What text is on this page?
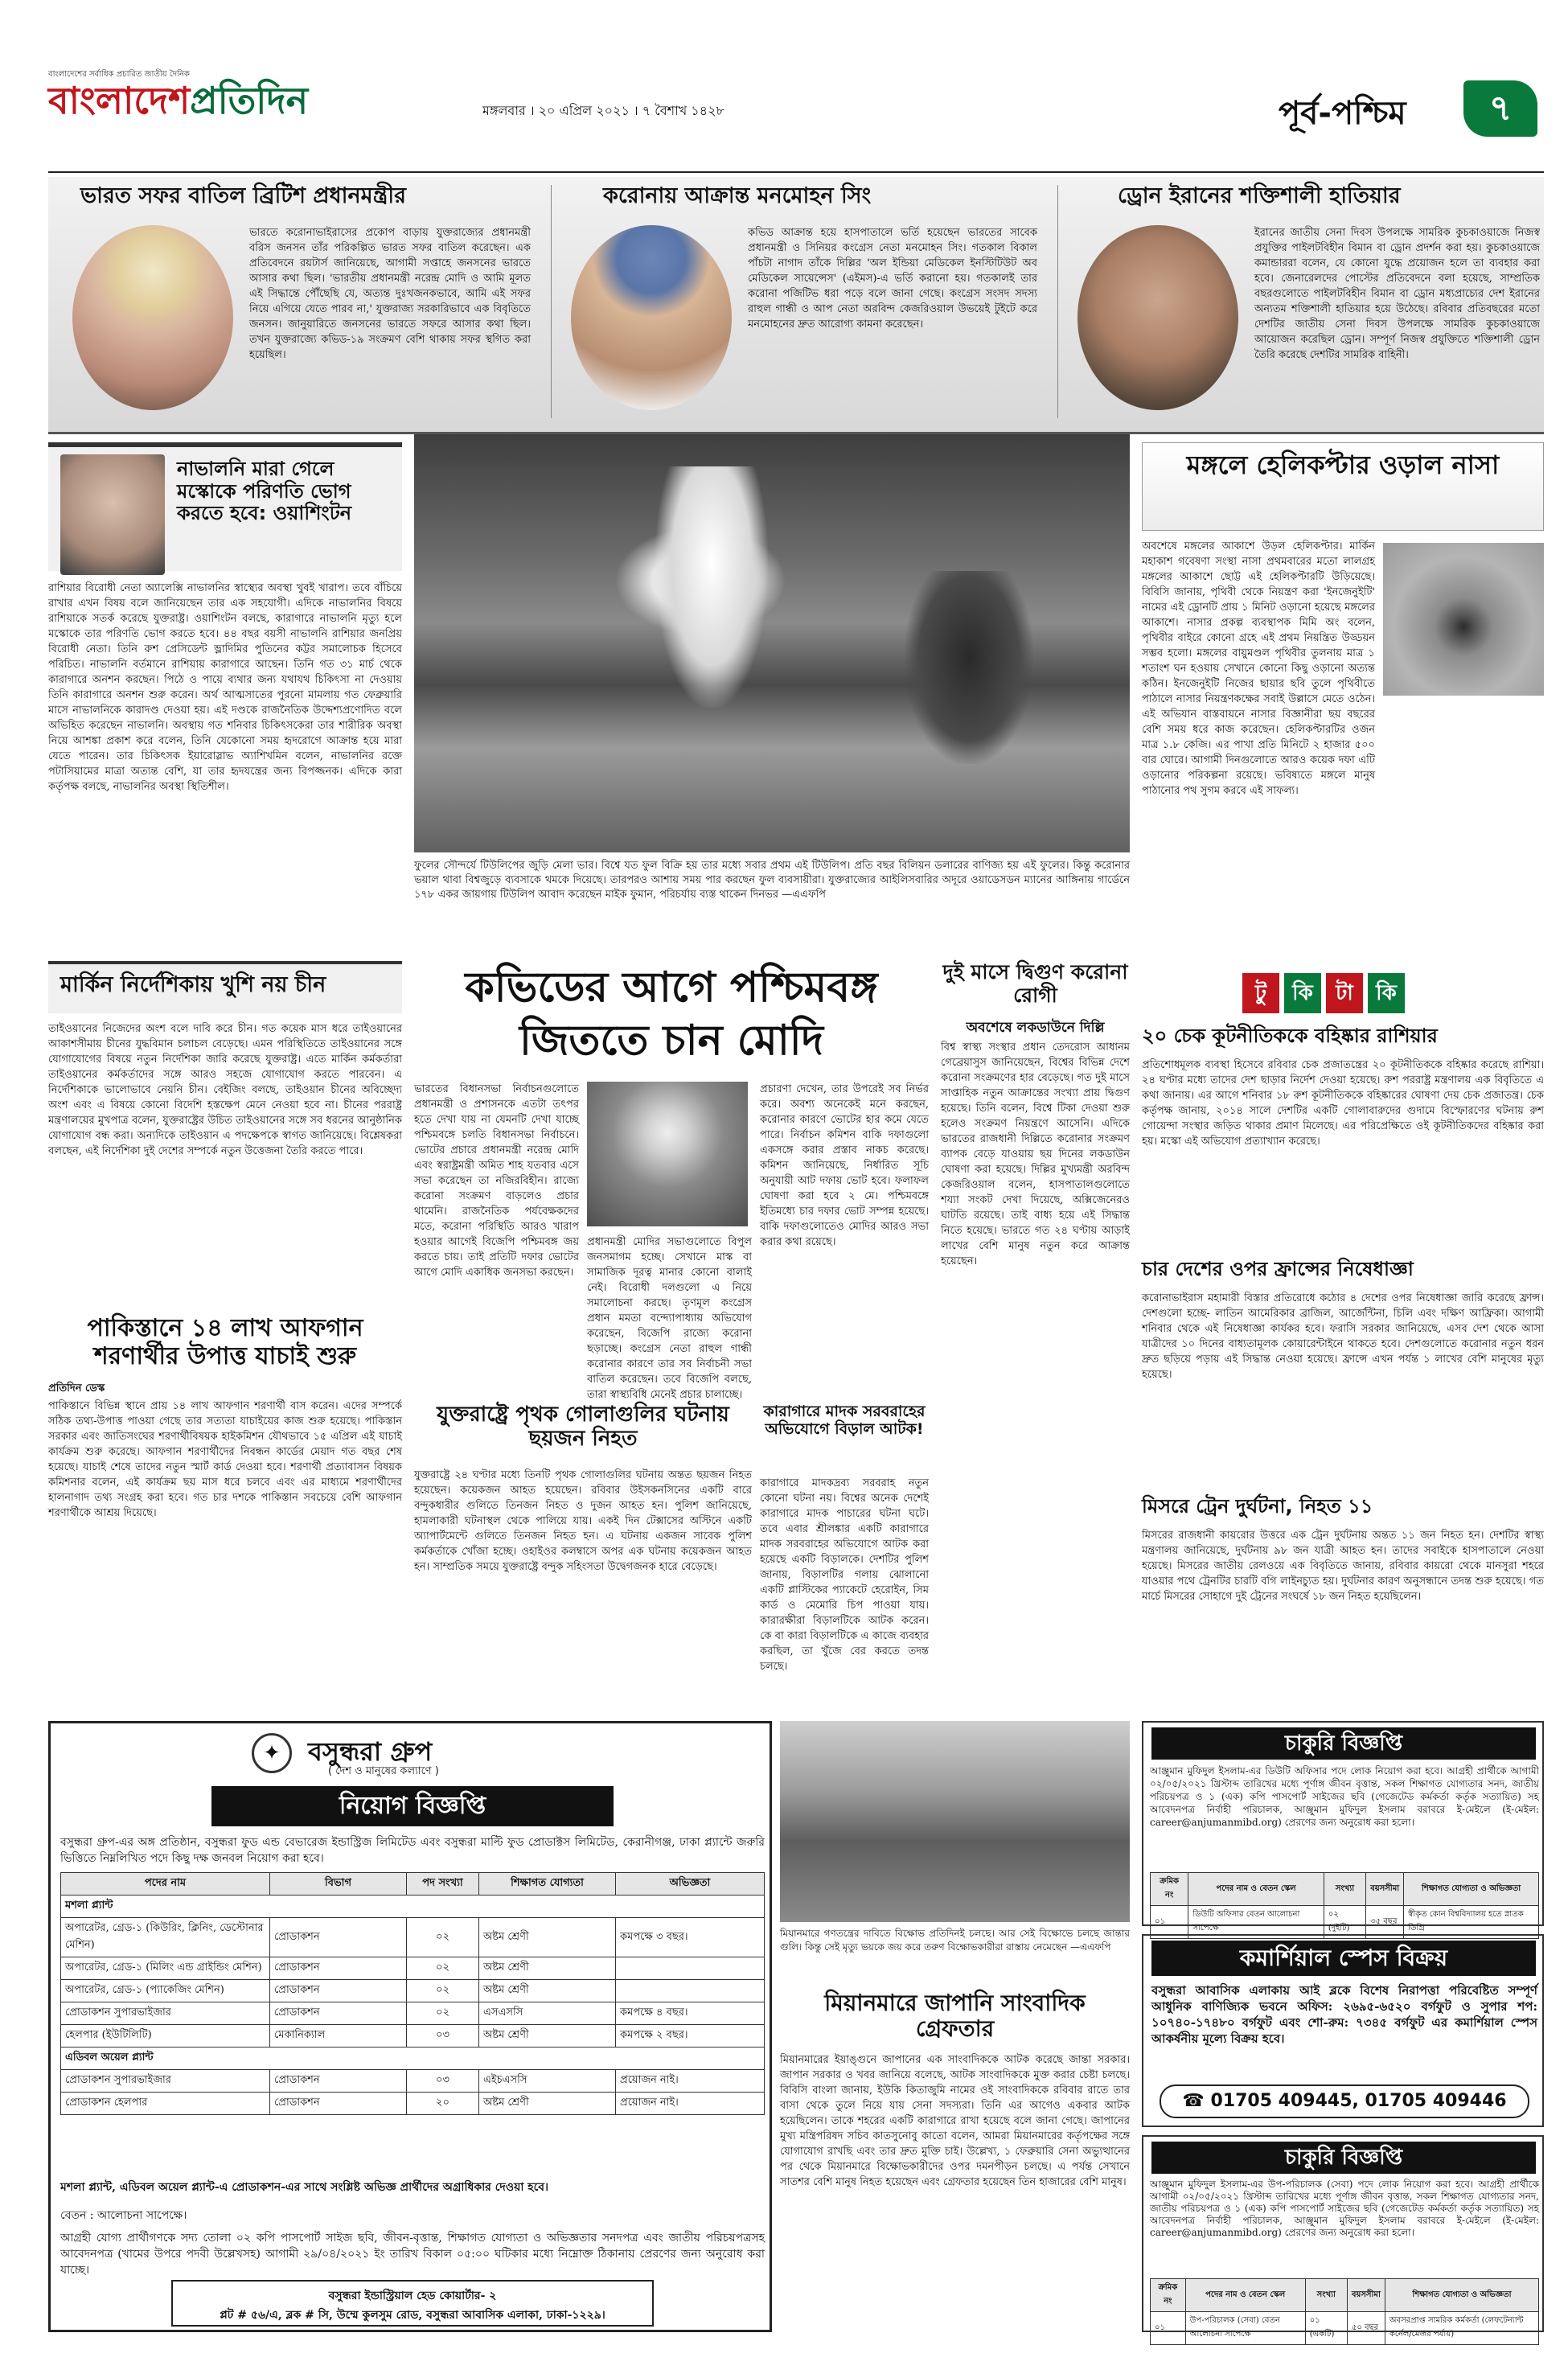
বাংলাদেশের সর্বাধিক প্রচারিত জাতীয় দৈনিক
বাংলাদেশপ্রতিদিন	মঙ্গলবার । ২০ এপ্রিল ২০২১ । ৭ বৈশাখ ১৪২৮	পূর্ব-পশ্চিম	৭
ভারত সফর বাতিল ব্রিটিশ প্রধানমন্ত্রীর
ভারতে করোনাভাইরাসের প্রকোপ বাড়ায় যুক্তরাজ্যের প্রধানমন্ত্রী বরিস জনসন তাঁর পরিকল্পিত ভারত সফর বাতিল করেছেন। এক প্রতিবেদনে রয়টার্স জানিয়েছে, আগামী সপ্তাহে জনসনের ভারতে আসার কথা ছিল। 'ভারতীয় প্রধানমন্ত্রী নরেন্দ্র মোদি ও আমি মূলত এই সিদ্ধান্তে পৌঁছেছি যে, অত্যন্ত দুঃখজনকভাবে, আমি এই সফর নিয়ে এগিয়ে যেতে পারব না,' যুক্তরাজ্য সরকারিভাবে এক বিবৃতিতে জনসন। জানুয়ারিতে জনসনের ভারতে সফরে আসার কথা ছিল। তখন যুক্তরাজ্যে কভিড-১৯ সংক্রমণ বেশি থাকায় সফর স্থগিত করা হয়েছিল।
করোনায় আক্রান্ত মনমোহন সিং
কভিড আক্রান্ত হয়ে হাসপাতালে ভর্তি হয়েছেন ভারতের সাবেক প্রধানমন্ত্রী ও সিনিয়র কংগ্রেস নেতা মনমোহন সিং। গতকাল বিকাল পাঁচটা নাগাদ তাঁকে দিল্লির 'অল ইন্ডিয়া মেডিকেল ইনস্টিটিউট অব মেডিকেল সায়েন্সেস' (এইমস)-এ ভর্তি করানো হয়। গতকালই তার করোনা পজিটিভ ধরা পড়ে বলে জানা গেছে। কংগ্রেস সংসদ সদস্য রাহুল গান্ধী ও আপ নেতা অরবিন্দ কেজরিওয়াল উভয়েই টুইটে করে মনমোহনের দ্রুত আরোগ্য কামনা করেছেন।
ড্রোন ইরানের শক্তিশালী হাতিয়ার
ইরানের জাতীয় সেনা দিবস উপলক্ষে সামরিক কুচকাওয়াজে নিজস্ব প্রযুক্তির পাইলটবিহীন বিমান বা ড্রোন প্রদর্শন করা হয়। কুচকাওয়াজে কমান্ডাররা বলেন, যে কোনো যুদ্ধে প্রয়োজন হলে তা ব্যবহার করা হবে। জেনারেলদের পোস্টের প্রতিবেদনে বলা হয়েছে, সাম্প্রতিক বছরগুলোতে পাইলটবিহীন বিমান বা ড্রোন মধ্যপ্রাচ্যের দেশ ইরানের অন্যতম শক্তিশালী হাতিয়ার হয়ে উঠেছে। রবিবার প্রতিবছরের মতো দেশটির জাতীয় সেনা দিবস উপলক্ষে সামরিক কুচকাওয়াজে আয়োজন করেছিল ড্রোন। সম্পূর্ণ নিজস্ব প্রযুক্তিতে শক্তিশালী ড্রোন তৈরি করেছে দেশটির সামরিক বাহিনী।
নাভালনি মারা গেলে মস্কোকে পরিণতি ভোগ করতে হবে: ওয়াশিংটন
রাশিয়ার বিরোধী নেতা অ্যালেক্সি নাভালনির স্বাস্থ্যের অবস্থা খুবই খারাপ। তবে বাঁচিয়ে রাখার এখন বিষয় বলে জানিয়েছেন তার এক সহযোগী। এদিকে নাভালনির বিষয়ে রাশিয়াকে সতর্ক করেছে যুক্তরাষ্ট্র। ওয়াশিংটন বলছে, কারাগারে নাভালনি মৃত্যু হলে মস্কোকে তার পরিণতি ভোগ করতে হবে। ৪৪ বছর বয়সী নাভালনি রাশিয়ার জনপ্রিয় বিরোধী নেতা। তিনি রুশ প্রেসিডেন্ট ভ্লাদিমির পুতিনের কট্টর সমালোচক হিসেবে পরিচিত। নাভালনি বর্তমানে রাশিয়ায় কারাগারে আছেন। তিনি গত ৩১ মার্চ থেকে কারাগারে অনশন করছেন। পিঠে ও পায়ে ব্যথার জন্য যথাযথ চিকিৎসা না দেওয়ায় তিনি কারাগারে অনশন শুরু করেন। অর্থ আত্মসাতের পুরনো মামলায় গত ফেব্রুয়ারি মাসে নাভালনিকে কারাদণ্ড দেওয়া হয়। এই দণ্ডকে রাজনৈতিক উদ্দেশ্যপ্রণোদিত বলে অভিহিত করেছেন নাভালনি। অবস্থায় গত শনিবার চিকিৎসকেরা তার শারীরিক অবস্থা নিয়ে আশঙ্কা প্রকাশ করে বলেন, তিনি যেকোনো সময় হৃদরোগে আক্রান্ত হয়ে মারা যেতে পারেন। তার চিকিৎসক ইয়ারোস্লাভ অ্যাশিখমিন বলেন, নাভালনির রক্তে পটাসিয়ামের মাত্রা অত্যন্ত বেশি, যা তার হৃদযন্ত্রের জন্য বিপজ্জনক। এদিকে কারা কর্তৃপক্ষ বলছে, নাভালনির অবস্থা স্থিতিশীল।
ফুলের সৌন্দর্যে টিউলিপের জুড়ি মেলা ভার। বিশ্বে যত ফুল বিক্রি হয় তার মধ্যে সবার প্রথম এই টিউলিপ। প্রতি বছর বিলিয়ন ডলারের বাণিজ্য হয় এই ফুলের। কিন্তু করোনার ভয়াল থাবা বিশ্বজুড়ে ব্যবসাকে থমকে দিয়েছে। তারপরও আশায় সময় পার করছেন ফুল ব্যবসায়ীরা। যুক্তরাজ্যের আইলিসবারির অদূরে ওয়াডেসডন ম্যানের আঙ্গিনায় গার্ডেনে ১৭৮ একর জায়গায় টিউলিপ আবাদ করেছেন মাইক ফুমান, পরিচর্যায় ব্যস্ত থাকেন দিনভর —এএফপি
মঙ্গলে হেলিকপ্টার ওড়াল নাসা
অবশেষে মঙ্গলের আকাশে উড়ল হেলিকপ্টার। মার্কিন মহাকাশ গবেষণা সংস্থা নাসা প্রথমবারের মতো লালগ্রহ মঙ্গলের আকাশে ছোট্ট এই হেলিকপ্টারটি উড়িয়েছে। বিবিসি জানায়, পৃথিবী থেকে নিয়ন্ত্রণ করা 'ইনজেনুইটি' নামের এই ড্রোনটি প্রায় ১ মিনিট ওড়ানো হয়েছে মঙ্গলের আকাশে। নাসার প্রকল্প ব্যবস্থাপক মিমি অং বলেন, পৃথিবীর বাইরে কোনো গ্রহে এই প্রথম নিয়ন্ত্রিত উড্ডয়ন সম্ভব হলো। মঙ্গলের বায়ুমণ্ডল পৃথিবীর তুলনায় মাত্র ১ শতাংশ ঘন হওয়ায় সেখানে কোনো কিছু ওড়ানো অত্যন্ত কঠিন। ইনজেনুইটি নিজের ছায়ার ছবি তুলে পৃথিবীতে পাঠালে নাসার নিয়ন্ত্রণকক্ষের সবাই উল্লাসে মেতে ওঠেন। এই অভিযান বাস্তবায়নে নাসার বিজ্ঞানীরা ছয় বছরের বেশি সময় ধরে কাজ করেছেন। হেলিকপ্টারটির ওজন মাত্র ১.৮ কেজি। এর পাখা প্রতি মিনিটে ২ হাজার ৫০০ বার ঘোরে। আগামী দিনগুলোতে আরও কয়েক দফা এটি ওড়ানোর পরিকল্পনা রয়েছে। ভবিষ্যতে মঙ্গলে মানুষ পাঠানোর পথ সুগম করবে এই সাফল্য।
মার্কিন নির্দেশিকায় খুশি নয় চীন
তাইওয়ানের নিজেদের অংশ বলে দাবি করে চীন। গত কয়েক মাস ধরে তাইওয়ানের আকাশসীমায় চীনের যুদ্ধবিমান চলাচল বেড়েছে। এমন পরিস্থিতিতে তাইওয়ানের সঙ্গে যোগাযোগের বিষয়ে নতুন নির্দেশিকা জারি করেছে যুক্তরাষ্ট্র। এতে মার্কিন কর্মকর্তারা তাইওয়ানের কর্মকর্তাদের সঙ্গে আরও সহজে যোগাযোগ করতে পারবেন। এ নির্দেশিকাকে ভালোভাবে নেয়নি চীন। বেইজিং বলছে, তাইওয়ান চীনের অবিচ্ছেদ্য অংশ এবং এ বিষয়ে কোনো বিদেশি হস্তক্ষেপ মেনে নেওয়া হবে না। চীনের পররাষ্ট্র মন্ত্রণালয়ের মুখপাত্র বলেন, যুক্তরাষ্ট্রের উচিত তাইওয়ানের সঙ্গে সব ধরনের আনুষ্ঠানিক যোগাযোগ বন্ধ করা। অন্যদিকে তাইওয়ান এ পদক্ষেপকে স্বাগত জানিয়েছে। বিশ্লেষকরা বলছেন, এই নির্দেশিকা দুই দেশের সম্পর্কে নতুন উত্তেজনা তৈরি করতে পারে।
পাকিস্তানে ১৪ লাখ আফগান শরণার্থীর উপাত্ত যাচাই শুরু
প্রতিদিন ডেস্ক
পাকিস্তানে বিভিন্ন স্থানে প্রায় ১৪ লাখ আফগান শরণার্থী বাস করেন। এদের সম্পর্কে সঠিক তথ্য-উপাত্ত পাওয়া গেছে তার সত্যতা যাচাইয়ের কাজ শুরু হয়েছে। পাকিস্তান সরকার এবং জাতিসংঘের শরণার্থীবিষয়ক হাইকমিশন যৌথভাবে ১৫ এপ্রিল এই যাচাই কার্যক্রম শুরু করেছে। আফগান শরণার্থীদের নিবন্ধন কার্ডের মেয়াদ গত বছর শেষ হয়েছে। যাচাই শেষে তাদের নতুন স্মার্ট কার্ড দেওয়া হবে। শরণার্থী প্রত্যাবাসন বিষয়ক কমিশনার বলেন, এই কার্যক্রম ছয় মাস ধরে চলবে এবং এর মাধ্যমে শরণার্থীদের হালনাগাদ তথ্য সংগ্রহ করা হবে। গত চার দশকে পাকিস্তান সবচেয়ে বেশি আফগান শরণার্থীকে আশ্রয় দিয়েছে।
কভিডের আগে পশ্চিমবঙ্গ জিততে চান মোদি
ভারতের বিধানসভা নির্বাচনগুলোতে প্রধানমন্ত্রী ও প্রশাসনকে এতটা তৎপর হতে দেখা যায় না যেমনটি দেখা যাচ্ছে পশ্চিমবঙ্গে চলতি বিধানসভা নির্বাচনে। ভোটের প্রচারে প্রধানমন্ত্রী নরেন্দ্র মোদি এবং স্বরাষ্ট্রমন্ত্রী অমিত শাহ যতবার এসে সভা করেছেন তা নজিরবিহীন। রাজ্যে করোনা সংক্রমণ বাড়লেও প্রচার থামেনি। রাজনৈতিক পর্যবেক্ষকদের মতে, করোনা পরিস্থিতি আরও খারাপ হওয়ার আগেই বিজেপি পশ্চিমবঙ্গ জয় করতে চায়। তাই প্রতিটি দফার ভোটের আগে মোদি একাধিক জনসভা করছেন।
প্রধানমন্ত্রী মোদির সভাগুলোতে বিপুল জনসমাগম হচ্ছে। সেখানে মাস্ক বা সামাজিক দূরত্ব মানার কোনো বালাই নেই। বিরোধী দলগুলো এ নিয়ে সমালোচনা করছে। তৃণমূল কংগ্রেস প্রধান মমতা বন্দ্যোপাধ্যায় অভিযোগ করেছেন, বিজেপি রাজ্যে করোনা ছড়াচ্ছে। কংগ্রেস নেতা রাহুল গান্ধী করোনার কারণে তার সব নির্বাচনী সভা বাতিল করেছেন। তবে বিজেপি বলছে, তারা স্বাস্থ্যবিধি মেনেই প্রচার চালাচ্ছে।
প্রচারণা দেখেন, তার উপরেই সব নির্ভর করে। অবশ্য অনেকেই মনে করছেন, করোনার কারণে ভোটের হার কমে যেতে পারে। নির্বাচন কমিশন বাকি দফাগুলো একসঙ্গে করার প্রস্তাব নাকচ করেছে। কমিশন জানিয়েছে, নির্ধারিত সূচি অনুযায়ী আট দফায় ভোট হবে। ফলাফল ঘোষণা করা হবে ২ মে। পশ্চিমবঙ্গে ইতিমধ্যে চার দফার ভোট সম্পন্ন হয়েছে। বাকি দফাগুলোতেও মোদির আরও সভা করার কথা রয়েছে।
দুই মাসে দ্বিগুণ করোনা রোগী
অবশেষে লকডাউনে দিল্লি
বিশ্ব স্বাস্থ্য সংস্থার প্রধান তেদরোস আধানম গেব্রেয়াসুস জানিয়েছেন, বিশ্বের বিভিন্ন দেশে করোনা সংক্রমণের হার বেড়েছে। গত দুই মাসে সাপ্তাহিক নতুন আক্রান্তের সংখ্যা প্রায় দ্বিগুণ হয়েছে। তিনি বলেন, বিশ্বে টিকা দেওয়া শুরু হলেও সংক্রমণ নিয়ন্ত্রণে আসেনি। এদিকে ভারতের রাজধানী দিল্লিতে করোনার সংক্রমণ ব্যাপক বেড়ে যাওয়ায় ছয় দিনের লকডাউন ঘোষণা করা হয়েছে। দিল্লির মুখ্যমন্ত্রী অরবিন্দ কেজরিওয়াল বলেন, হাসপাতালগুলোতে শয্যা সংকট দেখা দিয়েছে, অক্সিজেনেরও ঘাটতি রয়েছে। তাই বাধ্য হয়ে এই সিদ্ধান্ত নিতে হয়েছে। ভারতে গত ২৪ ঘণ্টায় আড়াই লাখের বেশি মানুষ নতুন করে আক্রান্ত হয়েছেন।
টু	কি	টা	কি
২০ চেক কূটনীতিককে বহিষ্কার রাশিয়ার
প্রতিশোধমূলক ব্যবস্থা হিসেবে রবিবার চেক প্রজাতন্ত্রের ২০ কূটনীতিককে বহিষ্কার করেছে রাশিয়া। ২৪ ঘণ্টার মধ্যে তাদের দেশ ছাড়ার নির্দেশ দেওয়া হয়েছে। রুশ পররাষ্ট্র মন্ত্রণালয় এক বিবৃতিতে এ কথা জানায়। এর আগে শনিবার ১৮ রুশ কূটনীতিককে বহিষ্কারের ঘোষণা দেয় চেক প্রজাতন্ত্র। চেক কর্তৃপক্ষ জানায়, ২০১৪ সালে দেশটির একটি গোলাবারুদের গুদামে বিস্ফোরণের ঘটনায় রুশ গোয়েন্দা সংস্থার জড়িত থাকার প্রমাণ মিলেছে। এর পরিপ্রেক্ষিতে ওই কূটনীতিকদের বহিষ্কার করা হয়। মস্কো এই অভিযোগ প্রত্যাখ্যান করেছে।
চার দেশের ওপর ফ্রান্সের নিষেধাজ্ঞা
করোনাভাইরাস মহামারী বিস্তার প্রতিরোধে কঠোর ৪ দেশের ওপর নিষেধাজ্ঞা জারি করেছে ফ্রান্স। দেশগুলো হচ্ছে- লাতিন আমেরিকার ব্রাজিল, আর্জেন্টিনা, চিলি এবং দক্ষিণ আফ্রিকা। আগামী শনিবার থেকে এই নিষেধাজ্ঞা কার্যকর হবে। ফরাসি সরকার জানিয়েছে, এসব দেশ থেকে আসা যাত্রীদের ১০ দিনের বাধ্যতামূলক কোয়ারেন্টাইনে থাকতে হবে। দেশগুলোতে করোনার নতুন ধরন দ্রুত ছড়িয়ে পড়ায় এই সিদ্ধান্ত নেওয়া হয়েছে। ফ্রান্সে এখন পর্যন্ত ১ লাখের বেশি মানুষের মৃত্যু হয়েছে।
মিসরে ট্রেন দুর্ঘটনা, নিহত ১১
মিসরের রাজধানী কায়রোর উত্তরে এক ট্রেন দুর্ঘটনায় অন্তত ১১ জন নিহত হন। দেশটির স্বাস্থ্য মন্ত্রণালয় জানিয়েছে, দুর্ঘটনায় ৯৮ জন যাত্রী আহত হন। তাদের সবাইকে হাসপাতালে নেওয়া হয়েছে। মিসরের জাতীয় রেলওয়ে এক বিবৃতিতে জানায়, রবিবার কায়রো থেকে মানসুরা শহরে যাওয়ার পথে ট্রেনটির চারটি বগি লাইনচ্যুত হয়। দুর্ঘটনার কারণ অনুসন্ধানে তদন্ত শুরু হয়েছে। গত মার্চে মিসরের সোহাগে দুই ট্রেনের সংঘর্ষে ১৮ জন নিহত হয়েছিলেন।
যুক্তরাষ্ট্রে পৃথক গোলাগুলির ঘটনায় ছয়জন নিহত
যুক্তরাষ্ট্রে ২৪ ঘণ্টার মধ্যে তিনটি পৃথক গোলাগুলির ঘটনায় অন্তত ছয়জন নিহত হয়েছেন। কয়েকজন আহত হয়েছেন। রবিবার উইসকনসিনের একটি বারে বন্দুকধারীর গুলিতে তিনজন নিহত ও দুজন আহত হন। পুলিশ জানিয়েছে, হামলাকারী ঘটনাস্থল থেকে পালিয়ে যায়। একই দিন টেক্সাসের অস্টিনে একটি অ্যাপার্টমেন্টে গুলিতে তিনজন নিহত হন। এ ঘটনায় একজন সাবেক পুলিশ কর্মকর্তাকে খোঁজা হচ্ছে। ওহাইওর কলম্বাসে অপর এক ঘটনায় কয়েকজন আহত হন। সাম্প্রতিক সময়ে যুক্তরাষ্ট্রে বন্দুক সহিংসতা উদ্বেগজনক হারে বেড়েছে।
কারাগারে মাদক সরবরাহের অভিযোগে বিড়াল আটক!
কারাগারে মাদকদ্রব্য সরবরাহ নতুন কোনো ঘটনা নয়। বিশ্বের অনেক দেশেই কারাগারে মাদক পাচারের ঘটনা ঘটে। তবে এবার শ্রীলঙ্কার একটি কারাগারে মাদক সরবরাহের অভিযোগে আটক করা হয়েছে একটি বিড়ালকে। দেশটির পুলিশ জানায়, বিড়ালটির গলায় ঝোলানো একটি প্লাস্টিকের প্যাকেটে হেরোইন, সিম কার্ড ও মেমোরি চিপ পাওয়া যায়। কারারক্ষীরা বিড়ালটিকে আটক করেন। কে বা কারা বিড়ালটিকে এ কাজে ব্যবহার করছিল, তা খুঁজে বের করতে তদন্ত চলছে।
✦	বসুন্ধরা গ্রুপ
( দেশ ও মানুষের কল্যাণে )
নিয়োগ বিজ্ঞপ্তি
বসুন্ধরা গ্রুপ-এর অঙ্গ প্রতিষ্ঠান, বসুন্ধরা ফুড এন্ড বেভারেজ ইন্ডাস্ট্রিজ লিমিটেড এবং বসুন্ধরা মাল্টি ফুড প্রোডাক্টস লিমিটেড, কেরানীগঞ্জ, ঢাকা প্ল্যান্টে জরুরি ভিত্তিতে নিম্নলিখিত পদে কিছু দক্ষ জনবল নিয়োগ করা হবে।
পদের নাম	বিভাগ	পদ সংখ্যা	শিক্ষাগত যোগ্যতা	অভিজ্ঞতা
মশলা প্ল্যান্ট				
অপারেটর, গ্রেড-১ (কিউরিং, ক্লিনিং, ডেস্টোনার মেশিন)	প্রোডাকশন	০২	অষ্টম শ্রেণী	কমপক্ষে ৩ বছর।
অপারেটর, গ্রেড-১ (মিলিং এন্ড গ্রাইন্ডিং মেশিন)	প্রোডাকশন	০২	অষ্টম শ্রেণী	
অপারেটর, গ্রেড-১ (প্যাকেজিং মেশিন)	প্রোডাকশন	০২	অষ্টম শ্রেণী	
প্রোডাকশন সুপারভাইজার	প্রোডাকশন	০২	এসএসসি	কমপক্ষে ৪ বছর।
হেলপার (ইউটিলিটি)	মেকানিক্যাল	০৩	অষ্টম শ্রেণী	কমপক্ষে ২ বছর।
এডিবল অয়েল প্ল্যান্ট				
প্রোডাকশন সুপারভাইজার	প্রোডাকশন	০৩	এইচএসসি	প্রয়োজন নাই।
প্রোডাকশন হেলপার	প্রোডাকশন	২০	অষ্টম শ্রেণী	প্রয়োজন নাই।
মশলা প্ল্যান্ট, এডিবল অয়েল প্ল্যান্ট-এ প্রোডাকশন-এর সাথে সংশ্লিষ্ট অভিজ্ঞ প্রার্থীদের অগ্রাধিকার দেওয়া হবে।
বেতন : আলোচনা সাপেক্ষে।
আগ্রহী যোগ্য প্রার্থীগণকে সদ্য তোলা ০২ কপি পাসপোর্ট সাইজ ছবি, জীবন-বৃত্তান্ত, শিক্ষাগত যোগ্যতা ও অভিজ্ঞতার সনদপত্র এবং জাতীয় পরিচয়পত্রসহ আবেদনপত্র (খামের উপরে পদবী উল্লেখসহ) আগামী ২৯/০৪/২০২১ ইং তারিখ বিকাল ০৫:০০ ঘটিকার মধ্যে নিম্নোক্ত ঠিকানায় প্রেরণের জন্য অনুরোধ করা যাচ্ছে।
বসুন্ধরা ইন্ডাস্ট্রিয়াল হেড কোয়ার্টার- ২
প্লট # ৫৬/এ, ব্লক # সি, উম্মে কুলসুম রোড, বসুন্ধরা আবাসিক এলাকা, ঢাকা-১২২৯।
মিয়ানমারে গণতন্ত্রের দাবিতে বিক্ষোভ প্রতিদিনই চলছে। আর সেই বিক্ষোভে চলছে জান্তার গুলি। কিন্তু সেই মৃত্যু ভয়কে জয় করে তরুণ বিক্ষোভকারীরা রাস্তায় নেমেছেন —এএফপি
মিয়ানমারে জাপানি সাংবাদিক গ্রেফতার
মিয়ানমারের ইয়াঙ্গুনে জাপানের এক সাংবাদিককে আটক করেছে জান্তা সরকার। জাপান সরকার ও খবর জানিয়ে বলেছে, আটক সাংবাদিককে মুক্ত করার চেষ্টা চলছে। বিবিসি বাংলা জানায়, ইউকি কিতাজুমি নামের ওই সাংবাদিককে রবিবার রাতে তার বাসা থেকে তুলে নিয়ে যায় সেনা সদস্যরা। তিনি এর আগেও একবার আটক হয়েছিলেন। তাকে শহরের একটি কারাগারে রাখা হয়েছে বলে জানা গেছে। জাপানের মুখ্য মন্ত্রিপরিষদ সচিব কাতসুনোবু কাতো বলেন, আমরা মিয়ানমারের কর্তৃপক্ষের সঙ্গে যোগাযোগ রাখছি এবং তার দ্রুত মুক্তি চাই। উল্লেখ্য, ১ ফেব্রুয়ারি সেনা অভ্যুত্থানের পর থেকে মিয়ানমারে বিক্ষোভকারীদের ওপর দমনপীড়ন চলছে। এ পর্যন্ত সেখানে সাতশর বেশি মানুষ নিহত হয়েছেন এবং গ্রেফতার হয়েছেন তিন হাজারের বেশি মানুষ।
চাকুরি বিজ্ঞপ্তি
আঞ্জুমান মুফিদুল ইসলাম-এর ডিউটি অফিসার পদে লোক নিয়োগ করা হবে। আগ্রহী প্রার্থীকে আগামী ০২/০৫/২০২১ খ্রিস্টাব্দ তারিখের মধ্যে পূর্ণাঙ্গ জীবন বৃত্তান্ত, সকল শিক্ষাগত যোগ্যতার সনদ, জাতীয় পরিচয়পত্র ও ১ (এক) কপি পাসপোর্ট সাইজের ছবি (গেজেটেড কর্মকর্তা কর্তৃক সত্যায়িত) সহ আবেদনপত্র নির্বাহী পরিচালক, আঞ্জুমান মুফিদুল ইসলাম বরাবরে ই-মেইলে (ই-মেইল: career@anjumanmibd.org) প্রেরণের জন্য অনুরোধ করা হলো।
ক্রমিক নং	পদের নাম ও বেতন স্কেল	সংখ্যা	বয়সসীমা	শিক্ষাগত যোগ্যতা ও অভিজ্ঞতা
০১	ডিউটি অফিসার বেতন আলোচনা সাপেক্ষে	০২ (দুইটি)	৩৫ বছর	স্বীকৃত কোন বিশ্ববিদ্যালয় হতে স্নাতক ডিগ্রি
কমার্শিয়াল স্পেস বিক্রয়
বসুন্ধরা আবাসিক এলাকায় আই ব্লকে বিশেষ নিরাপত্তা পরিবেষ্টিত সম্পূর্ণ আধুনিক বাণিজ্যিক ভবনে অফিস: ২৬৯৫-৬৫২০ বর্গফুট ও সুপার শপ: ১০৭৪০-১৭৪৮০ বর্গফুট এবং শো-রুম: ৭৩৪৫ বর্গফুট এর কমার্শিয়াল স্পেস আকর্ষনীয় মূল্যে বিক্রয় হবে।
☎ 01705 409445, 01705 409446
চাকুরি বিজ্ঞপ্তি
আঞ্জুমান মুফিদুল ইসলাম-এর উপ-পরিচালক (সেবা) পদে লোক নিয়োগ করা হবে। আগ্রহী প্রার্থীকে আগামী ০২/০৫/২০২১ খ্রিস্টাব্দ তারিখের মধ্যে পূর্ণাঙ্গ জীবন বৃত্তান্ত, সকল শিক্ষাগত যোগ্যতার সনদ, জাতীয় পরিচয়পত্র ও ১ (এক) কপি পাসপোর্ট সাইজের ছবি (গেজেটেড কর্মকর্তা কর্তৃক সত্যায়িত) সহ আবেদনপত্র নির্বাহী পরিচালক, আঞ্জুমান মুফিদুল ইসলাম বরাবরে ই-মেইলে (ই-মেইল: career@anjumanmibd.org) প্রেরণের জন্য অনুরোধ করা হলো।
ক্রমিক নং	পদের নাম ও বেতন স্কেল	সংখ্যা	বয়সসীমা	শিক্ষাগত যোগ্যতা ও অভিজ্ঞতা
০১	উপ-পরিচালক (সেবা) বেতন আলোচনা সাপেক্ষে	০১ (একটি)	৫০ বছর	অবসরপ্রাপ্ত সামরিক কর্মকর্তা (লেফটেন্যান্ট কর্নেল/মেজর পর্যায়)
